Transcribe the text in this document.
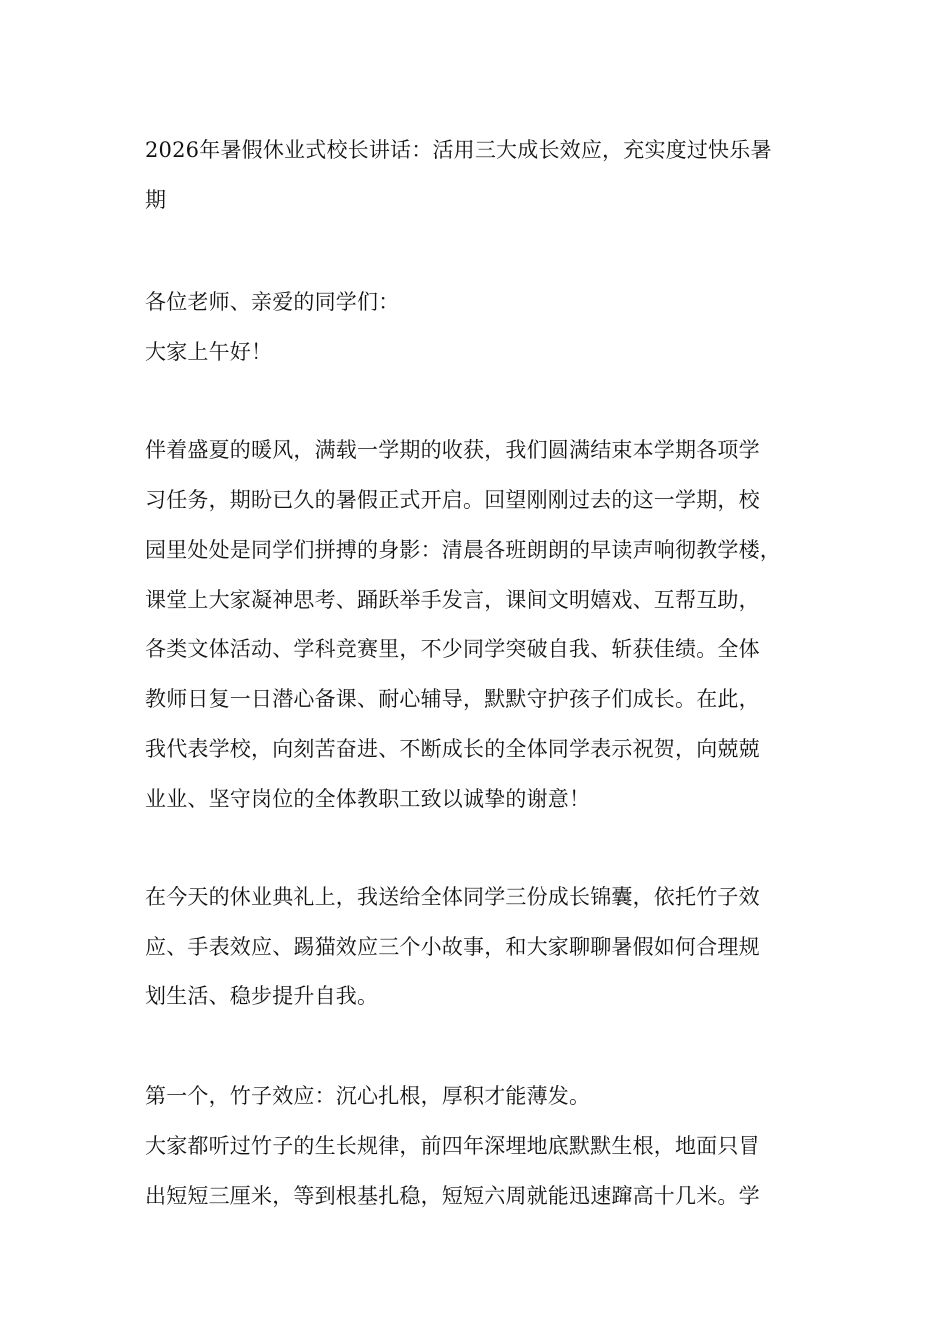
2026年暑假休业式校长讲话：活用三大成长效应，充实度过快乐暑
期
各位老师、亲爱的同学们：
大家上午好！
伴着盛夏的暖风，满载一学期的收获，我们圆满结束本学期各项学
习任务，期盼已久的暑假正式开启。回望刚刚过去的这一学期，校
园里处处是同学们拼搏的身影：清晨各班朗朗的早读声响彻教学楼，
课堂上大家凝神思考、踊跃举手发言，课间文明嬉戏、互帮互助，
各类文体活动、学科竞赛里，不少同学突破自我、斩获佳绩。全体
教师日复一日潜心备课、耐心辅导，默默守护孩子们成长。在此，
我代表学校，向刻苦奋进、不断成长的全体同学表示祝贺，向兢兢
业业、坚守岗位的全体教职工致以诚挚的谢意！
在今天的休业典礼上，我送给全体同学三份成长锦囊，依托竹子效
应、手表效应、踢猫效应三个小故事，和大家聊聊暑假如何合理规
划生活、稳步提升自我。
第一个，竹子效应：沉心扎根，厚积才能薄发。
大家都听过竹子的生长规律，前四年深埋地底默默生根，地面只冒
出短短三厘米，等到根基扎稳，短短六周就能迅速蹿高十几米。学
